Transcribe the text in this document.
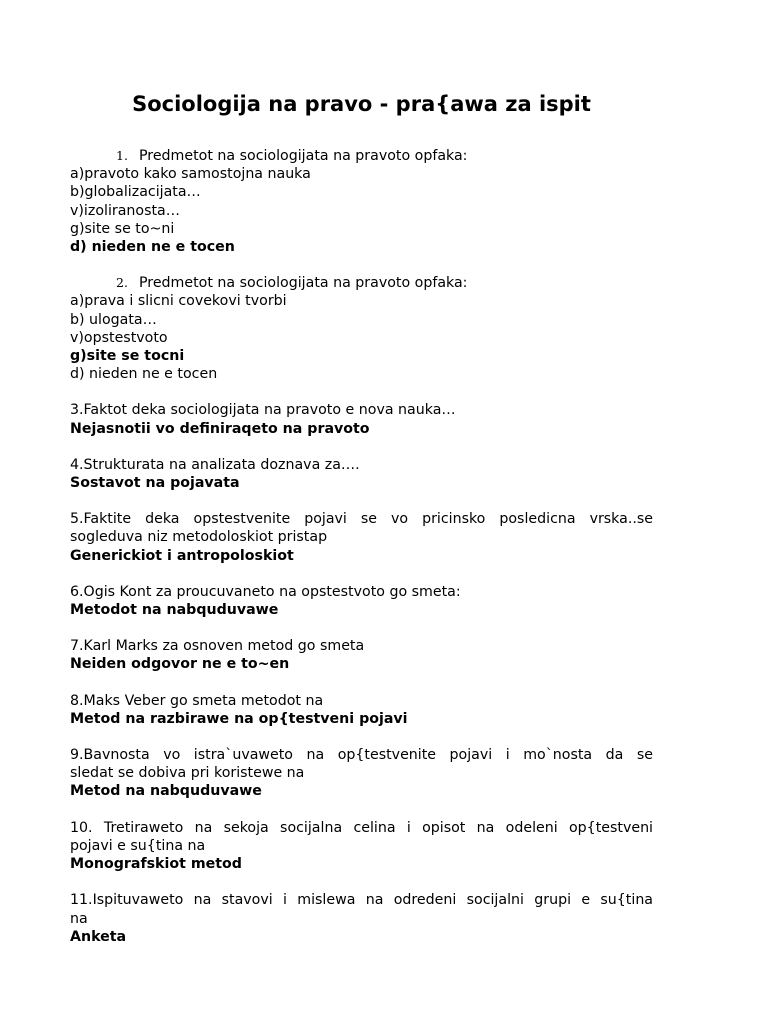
Sociologija na pravo - pra{awa za ispit

1. Predmetot na sociologijata na pravoto opfaka:

a)pravoto kako samostojna nauka

b)globalizacijata…

v)izoliranosta…

g)site se to~ni

d) nieden ne e tocen

2. Predmetot na sociologijata na pravoto opfaka:

a)prava i slicni covekovi tvorbi

b) ulogata…

v)opstestvoto

g)site se tocni

d) nieden ne e tocen

3.Faktot deka sociologijata na pravoto e nova nauka…

Nejasnotii vo definiraqeto na pravoto

4.Strukturata na analizata doznava za….

Sostavot na pojavata

5.Faktite deka opstestvenite pojavi se vo pricinsko posledicna vrska..se

sogleduva niz metodoloskiot pristap

Generickiot i antropoloskiot

6.Ogis Kont za proucuvaneto na opstestvoto go smeta:

Metodot na nabquduvawe

7.Karl Marks za osnoven metod go smeta

Neiden odgovor ne e to~en

8.Maks Veber go smeta metodot na

Metod na razbirawe na op{testveni pojavi

9.Bavnosta vo istra`uvaweto na op{testvenite pojavi i mo`nosta da se

sledat se dobiva pri koristewe na

Metod na nabquduvawe

10. Tretiraweto na sekoja socijalna celina i opisot na odeleni op{testveni

pojavi e su{tina na

Monografskiot metod

11.Ispituvaweto na stavovi i mislewa na odredeni socijalni grupi e su{tina

na

Anketa
